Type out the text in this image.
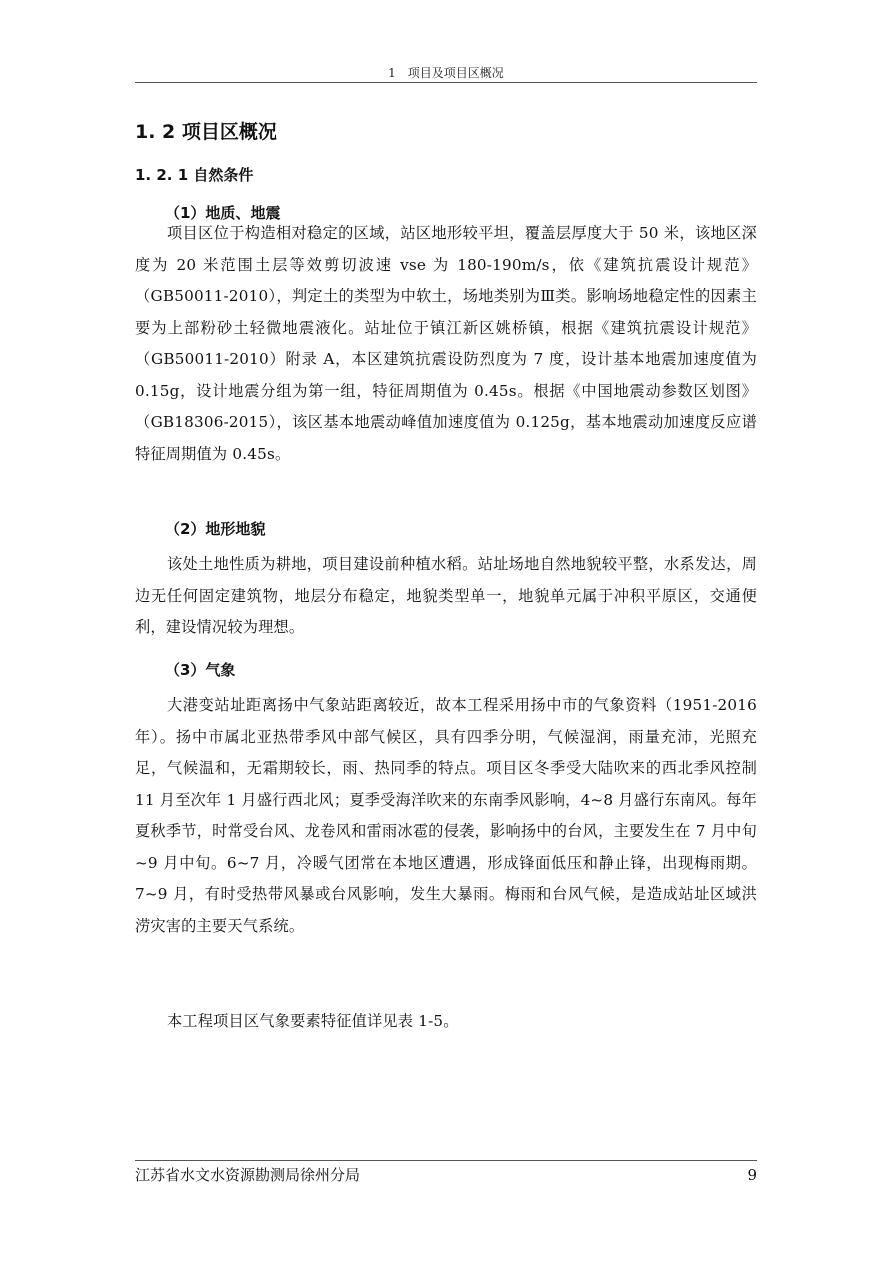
1　项目及项目区概况
1. 2 项目区概况
1. 2. 1 自然条件
（1）地质、地震

项目区位于构造相对稳定的区域，站区地形较平坦，覆盖层厚度大于 50 米，该地区深度为 20 米范围土层等效剪切波速 vse 为 180-190m/s，依《建筑抗震设计规范》（GB50011-2010），判定土的类型为中软土，场地类别为Ⅲ类。影响场地稳定性的因素主要为上部粉砂土轻微地震液化。站址位于镇江新区姚桥镇，根据《建筑抗震设计规范》（GB50011-2010）附录 A，本区建筑抗震设防烈度为 7 度，设计基本地震加速度值为 0.15g，设计地震分组为第一组，特征周期值为 0.45s。根据《中国地震动参数区划图》（GB18306-2015），该区基本地震动峰值加速度值为 0.125g，基本地震动加速度反应谱特征周期值为 0.45s。

（2）地形地貌

该处土地性质为耕地，项目建设前种植水稻。站址场地自然地貌较平整，水系发达，周边无任何固定建筑物，地层分布稳定，地貌类型单一，地貌单元属于冲积平原区，交通便利，建设情况较为理想。

（3）气象

大港变站址距离扬中气象站距离较近，故本工程采用扬中市的气象资料（1951-2016 年）。扬中市属北亚热带季风中部气候区，具有四季分明，气候湿润，雨量充沛，光照充足，气候温和，无霜期较长，雨、热同季的特点。项目区冬季受大陆吹来的西北季风控制 11 月至次年 1 月盛行西北风；夏季受海洋吹来的东南季风影响，4~8 月盛行东南风。每年夏秋季节，时常受台风、龙卷风和雷雨冰雹的侵袭，影响扬中的台风，主要发生在 7 月中旬~9 月中旬。6~7 月，冷暖气团常在本地区遭遇，形成锋面低压和静止锋，出现梅雨期。7~9 月，有时受热带风暴或台风影响，发生大暴雨。梅雨和台风气候，是造成站址区域洪涝灾害的主要天气系统。

本工程项目区气象要素特征值详见表 1-5。

江苏省水文水资源勘测局徐州分局	9
